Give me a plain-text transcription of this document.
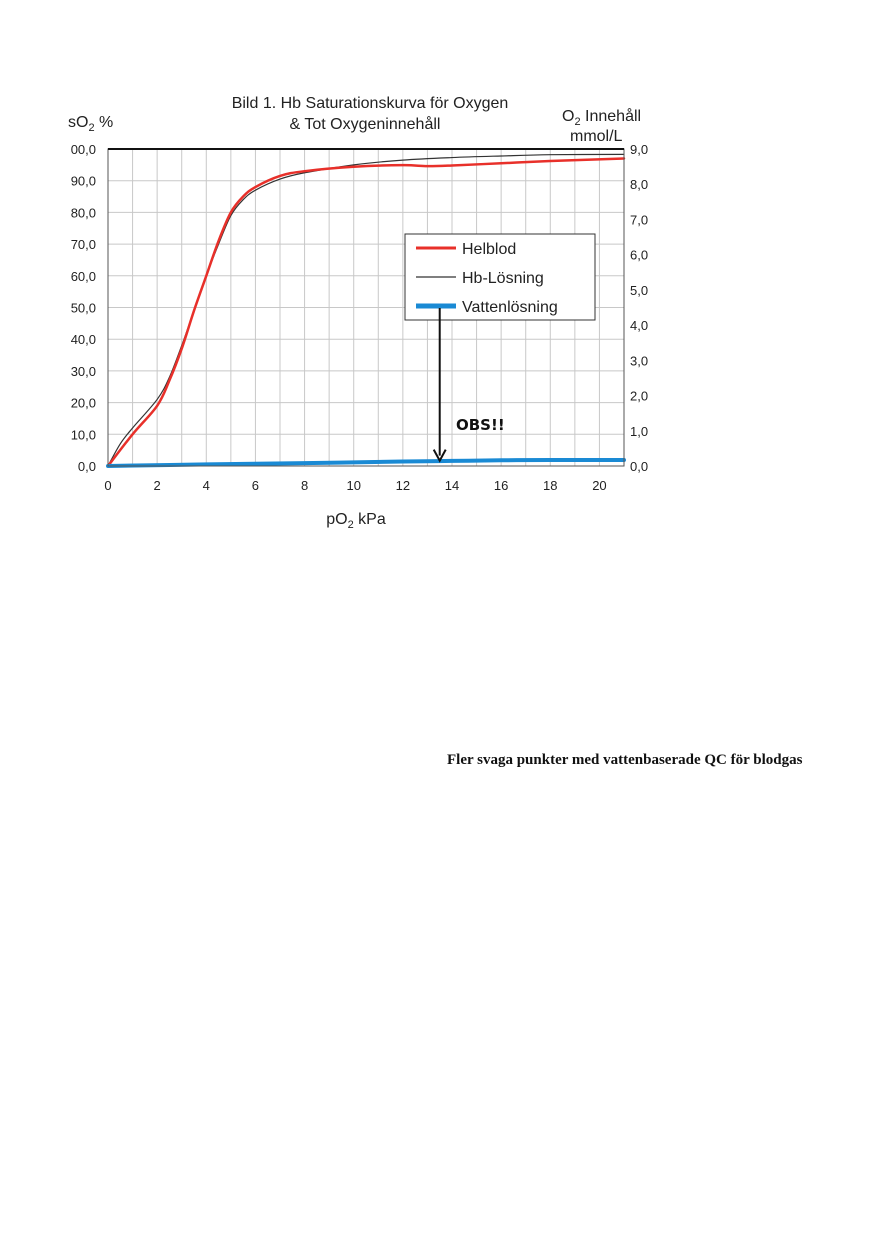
0	2	4	6	8	10	12	14	16	18	20
0,0
10,0
20,0
30,0
40,0
50,0
60,0
70,0
80,0
90,0
00,0
0,0
1,0
2,0
3,0
4,0
5,0
6,0
7,0
8,0
9,0
Bild 1. Hb Saturationskurva för Oxygen
& Tot Oxygeninnehåll
$sO_2$ %	$O_2$ Innehåll
mmol/L
$pO_2$ kPa
Helblod
Hb-Lösning
Vattenlösning
OBS!!
Fler svaga punkter med vattenbaserade QC för blodgas
